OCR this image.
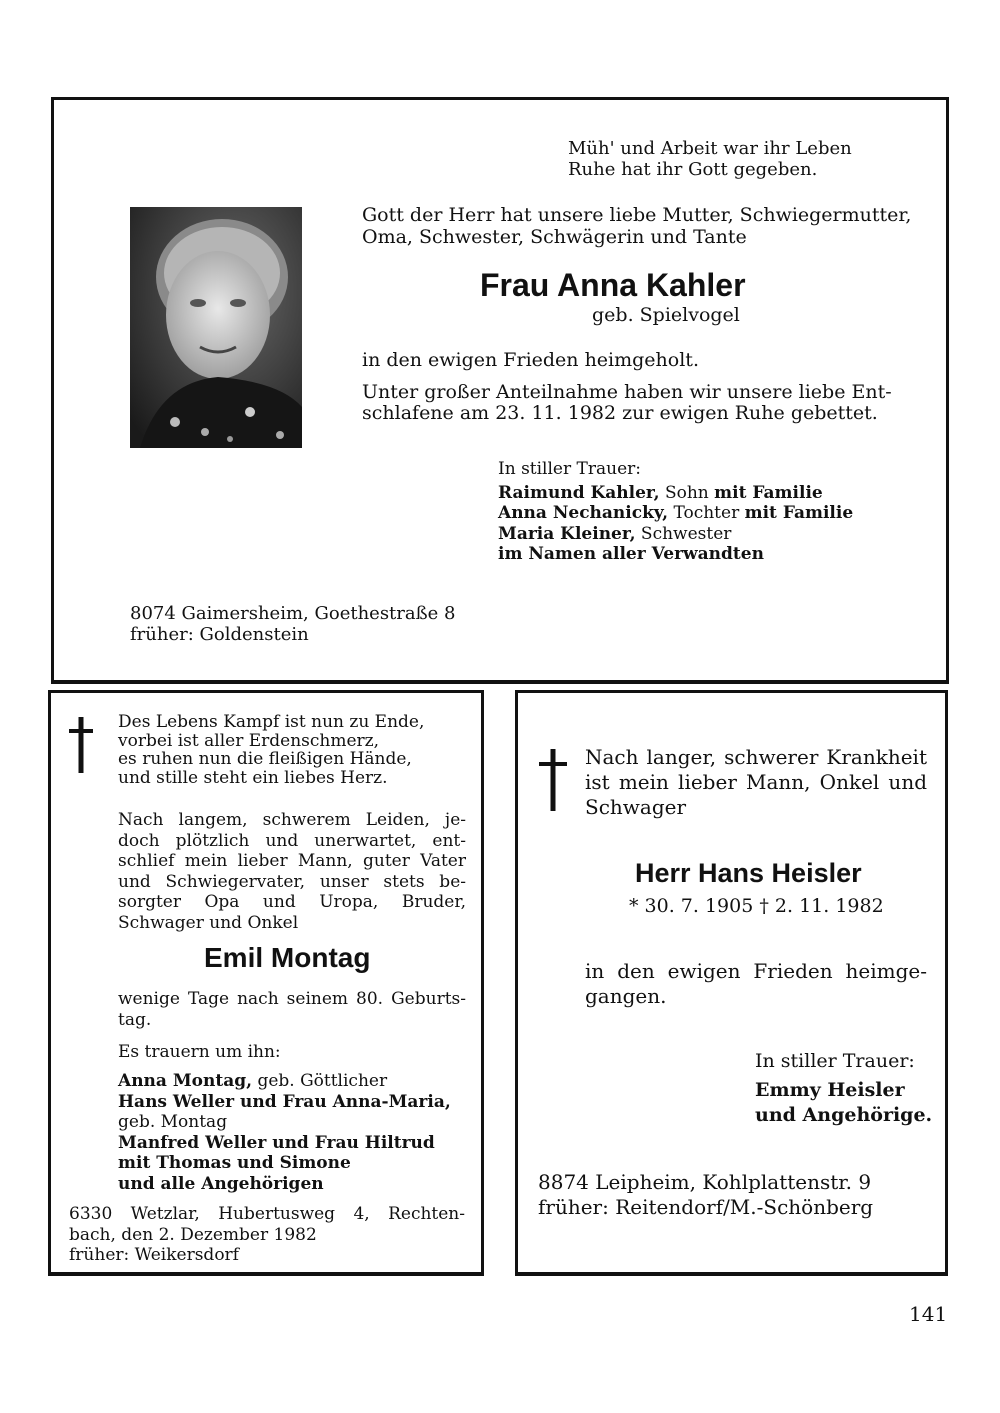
Müh' und Arbeit war ihr Leben

Ruhe hat ihr Gott gegeben.

Gott der Herr hat unsere liebe Mutter, Schwiegermutter,

Oma, Schwester, Schwägerin und Tante

Frau Anna Kahler
geb. Spielvogel
in den ewigen Frieden heimgeholt.

Unter großer Anteilnahme haben wir unsere liebe Ent-

schlafene am 23. 11. 1982 zur ewigen Ruhe gebettet.

In stiller Trauer:

Raimund Kahler, Sohn mit Familie

Anna Nechanicky, Tochter mit Familie

Maria Kleiner, Schwester

im Namen aller Verwandten

8074 Gaimersheim, Goethestraße 8

früher: Goldenstein

Des Lebens Kampf ist nun zu Ende,

vorbei ist aller Erdenschmerz,

es ruhen nun die fleißigen Hände,

und stille steht ein liebes Herz.

Nach langem, schwerem Leiden, je-

doch plötzlich und unerwartet, ent-

schlief mein lieber Mann, guter Vater

und Schwiegervater, unser stets be-

sorgter Opa und Uropa, Bruder,

Schwager und Onkel

Emil Montag

wenige Tage nach seinem 80. Geburts-

tag.

Es trauern um ihn:

Anna Montag, geb. Göttlicher

Hans Weller und Frau Anna-Maria,

geb. Montag

Manfred Weller und Frau Hiltrud

mit Thomas und Simone

und alle Angehörigen

6330 Wetzlar, Hubertusweg 4, Rechten-

bach, den 2. Dezember 1982

früher: Weikersdorf

Nach langer, schwerer Krankheit

ist mein lieber Mann, Onkel und

Schwager

Herr Hans Heisler
* 30. 7. 1905 † 2. 11. 1982

in den ewigen Frieden heimge-

gangen.

In stiller Trauer:

Emmy Heisler

und Angehörige.

8874 Leipheim, Kohlplattenstr. 9

früher: Reitendorf/M.-Schönberg

141
